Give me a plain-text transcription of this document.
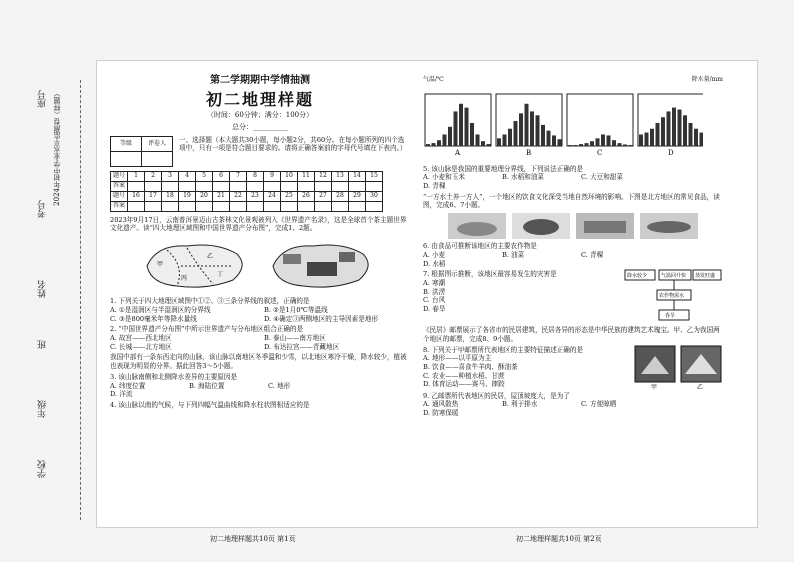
座号 2024年初中学业水平监测卷（样题）
考号
姓名
班
年级
学校
第二学期期中学情抽测
初二地理样题
（时间：60分钟；满分：100分）
总分：__________
等级	评卷人
	一、选择题（本大题共30小题，每小题2分，共60分。在每小题所列的四个选项中，只有一项是符合题目要求的。请将正确答案前的字母代号填在下表内。）
题号	1	2	3	4	5	6	7	8	9	10	11	12	13	14	15
答案															
题号	16	17	18	19	20	21	22	23	24	25	26	27	28	29	30
答案															
2023年9月17日，云南普洱景迈山古茶林文化景观被列入《世界遗产名录》，这是全球首个茶主题世界文化遗产。读“四大地理区域图和中国世界遗产分布图”，完成1、2题。
甲
乙
丙
丁
1. 下列关于四大地理区域图中①②、③三条分界线的叙述，正确的是
A. ①是湿润区与半湿润区的分界线	B. ②是1月0℃等温线
C. ③是800毫米年等降水量线	D. ④确定③两侧地区的主导因素是地形
2. “中国世界遗产分布图”中所示世界遗产与分布地区组合正确的是
A. 故宫——西北地区	B. 泰山——南方地区
C. 长城——北方地区	D. 布达拉宫——青藏地区
我国中部有一条东西走向的山脉，该山脉以南地区冬季温和少雪，以北地区寒冷干燥，降水较少，植被也表现为明显的分界。据此回答3～5小题。
3. 该山脉南侧和北侧降水差异的主要原因是
A. 纬度位置	B. 海陆位置	C. 地形
D. 洋流
4. 该山脉以南的气候，与下列四幅气温曲线和降水柱状图相适应的是
气温/℃	降水量/mm
A	B	C	D
5. 该山脉是我国的重要地理分界线，下列说法正确的是
A. 小麦和玉米	B. 水稻和油菜	C. 大豆和甜菜
D. 青稞
“一方水土养一方人”，一个地区的饮食文化深受当地自然环境的影响。下图是北方地区的常见食品，读图，完成6、7小题。
6. 由食品可推断该地区的主要农作物是
A. 小麦	B. 油菜	C. 青稞
D. 水稻
7. 根据图示推断，该地区最容易发生的灾害是
A. 寒潮
B. 洪涝
C. 台风
D. 春旱
降水较少	气温回升快 蒸发旺盛
农作物需水
春旱
《民居》邮票展示了各省市的民居建筑，民居各异的形态是中华民族的建筑艺术瑰宝。甲、乙为我国两个地区的邮票，完成8、9小题。
8. 下列关于甲邮票所代表地区的主要特征描述正确的是
A. 地形——以平原为主
B. 饮食——喜食牛羊肉、酥油茶
C. 农业——种植水稻、甘蔗
D. 体育运动——赛马、摔跤	甲	乙
9. 乙邮票所代表地区的民居，屋顶坡度大，是为了
A. 通风散热	B. 利于排水	C. 方便晾晒
D. 防寒保暖
初二地理样题共10页 第1页	初二地理样题共10页 第2页
